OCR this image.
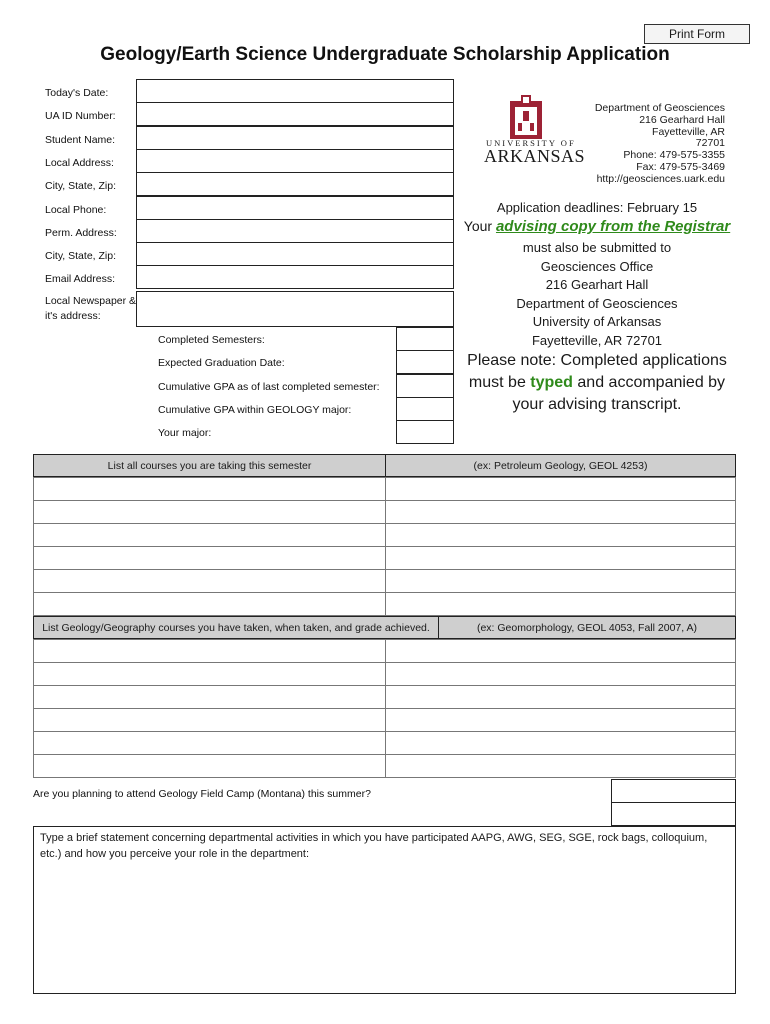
Print Form
Geology/Earth Science Undergraduate Scholarship Application
Today's Date:
UA ID Number:
Student Name:
Local Address:
City, State, Zip:
Local Phone:
Perm. Address:
City, State, Zip:
Email Address:
Local Newspaper &
it's address:
Completed Semesters:
Expected Graduation Date:
Cumulative GPA as of last completed semester:
Cumulative GPA within GEOLOGY major:
Your major:
UNIVERSITY OF
ARKANSAS
Department of Geosciences
216 Gearhard Hall
Fayetteville, AR
72701
Phone: 479-575-3355
Fax: 479-575-3469
http://geosciences.uark.edu
Application deadlines: February 15
Your advising copy from the Registrar
must also be submitted to
Geosciences Office
216 Gearhart Hall
Department of Geosciences
University of Arkansas
Fayetteville, AR 72701
Please note: Completed applications
must be typed and accompanied by
your advising transcript.
List all courses you are taking this semester	(ex: Petroleum Geology, GEOL 4253)
List Geology/Geography courses you have taken, when taken, and grade achieved.	(ex: Geomorphology, GEOL 4053, Fall 2007, A)
Are you planning to attend Geology Field Camp (Montana) this summer?
Type a brief statement concerning departmental activities in which you have participated AAPG, AWG, SEG, SGE, rock bags, colloquium, etc.) and how you perceive your role in the department:
